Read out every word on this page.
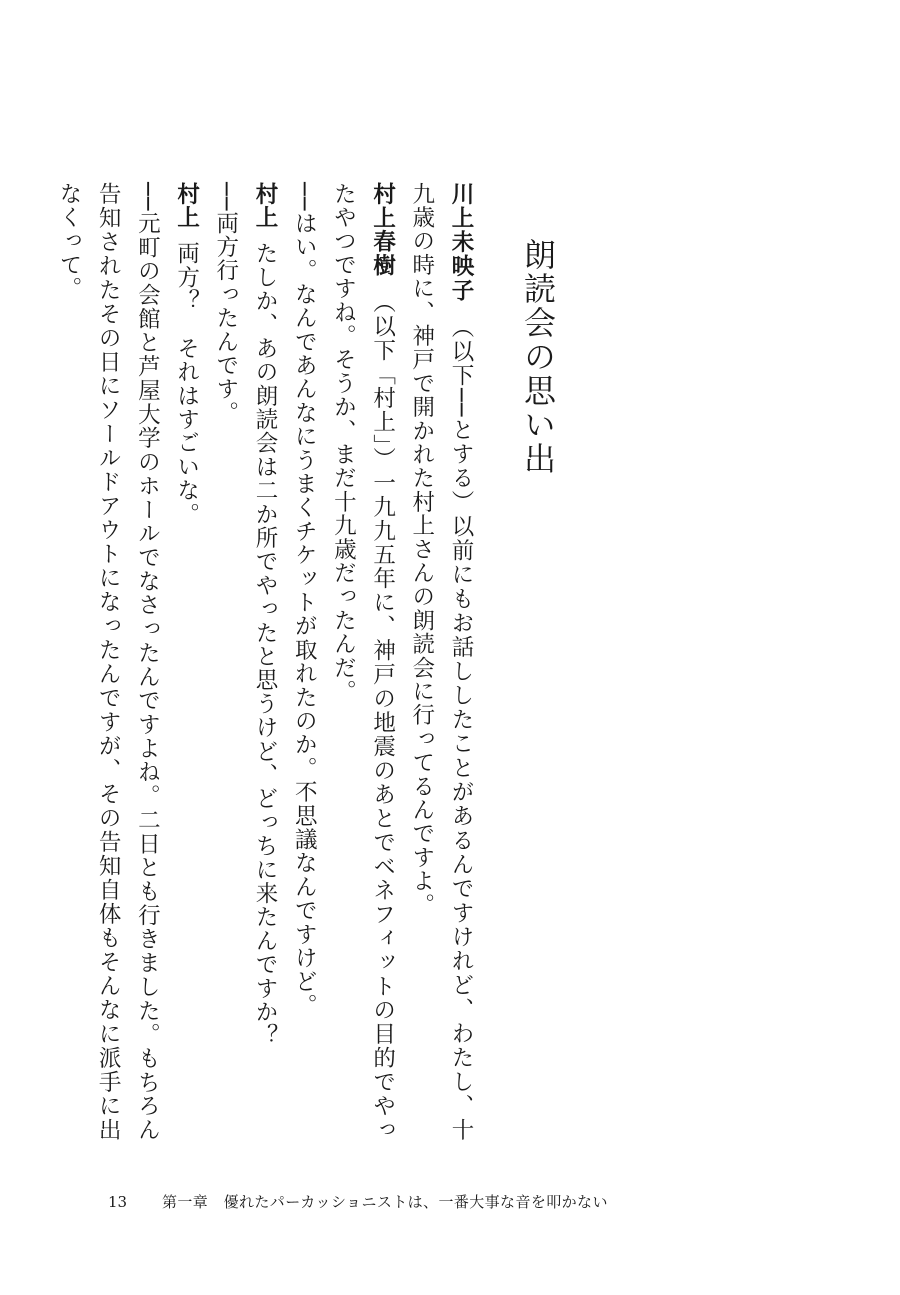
朗読会の思い出

川上未映子（以下──とする）以前にもお話ししたことがあるんですけれど、わたし、十九歳の時に、神戸で開かれた村上さんの朗読会に行ってるんですよ。

村上春樹（以下「村上」）一九九五年に、神戸の地震のあとでベネフィットの目的でやったやつですね。そうか、まだ十九歳だったんだ。

──はい。なんであんなにうまくチケットが取れたのか。不思議なんですけど。

村上たしか、あの朗読会は二か所でやったと思うけど、どっちに来たんですか？

──両方行ったんです。

村上両方？　それはすごいな。

──元町の会館と芦屋大学のホールでなさったんですよね。二日とも行きました。もちろん告知されたその日にソールドアウトになったんですが、その告知自体もそんなに派手に出なくって。

13 第一章　優れたパーカッショニストは、一番大事な音を叩かない
